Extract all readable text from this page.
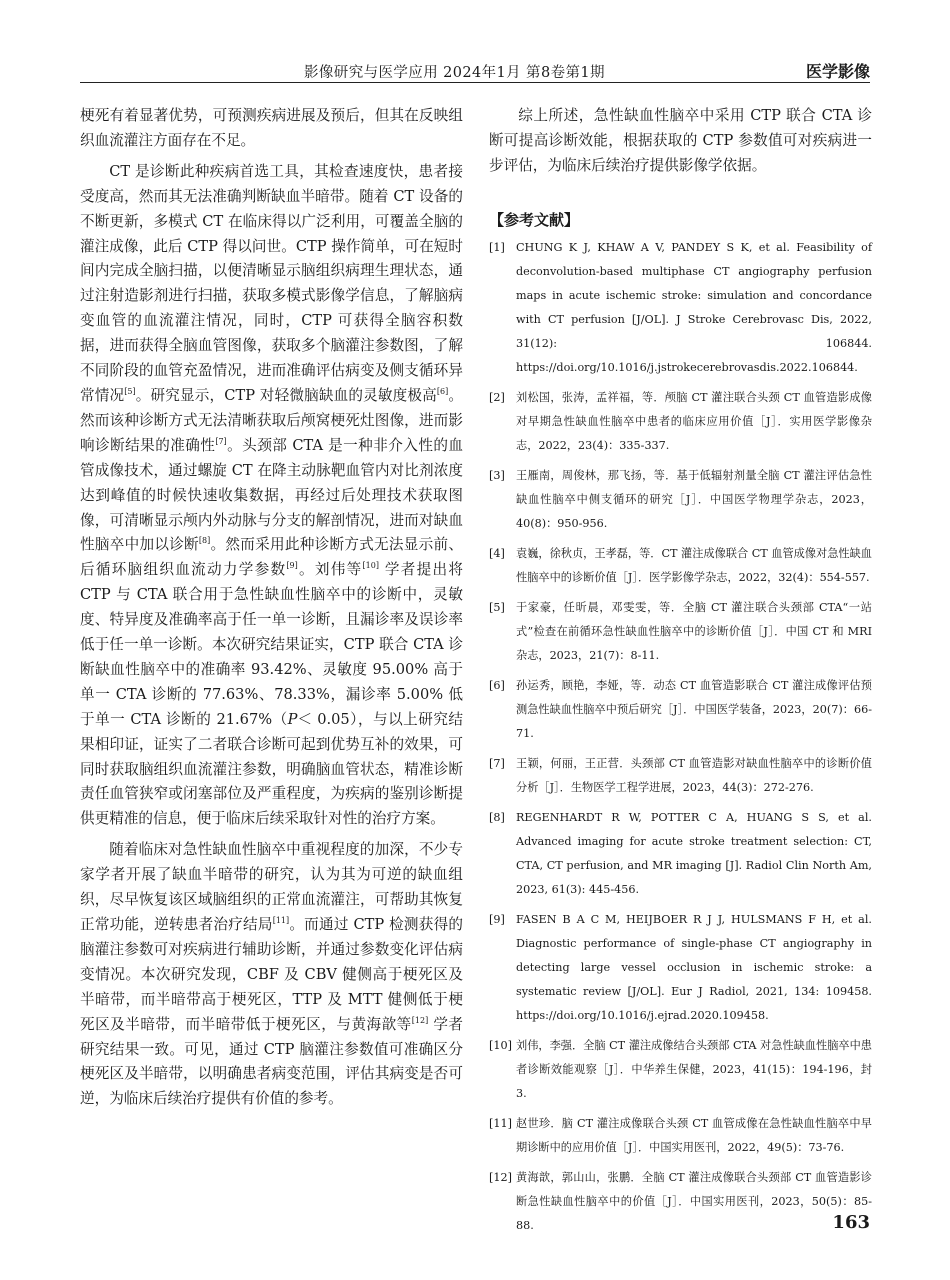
影像研究与医学应用 2024年1月 第8卷第1期	医学影像

梗死有着显著优势，可预测疾病进展及预后，但其在反映组织血流灌注方面存在不足。

CT 是诊断此种疾病首选工具，其检查速度快，患者接受度高，然而其无法准确判断缺血半暗带。随着 CT 设备的不断更新，多模式 CT 在临床得以广泛利用，可覆盖全脑的灌注成像，此后 CTP 得以问世。CTP 操作简单，可在短时间内完成全脑扫描，以便清晰显示脑组织病理生理状态，通过注射造影剂进行扫描，获取多模式影像学信息，了解脑病变血管的血流灌注情况，同时，CTP 可获得全脑容积数据，进而获得全脑血管图像，获取多个脑灌注参数图，了解不同阶段的血管充盈情况，进而准确评估病变及侧支循环异常情况[5]。研究显示，CTP 对轻微脑缺血的灵敏度极高[6]。然而该种诊断方式无法清晰获取后颅窝梗死灶图像，进而影响诊断结果的准确性[7]。头颈部 CTA 是一种非介入性的血管成像技术，通过螺旋 CT 在降主动脉靶血管内对比剂浓度达到峰值的时候快速收集数据，再经过后处理技术获取图像，可清晰显示颅内外动脉与分支的解剖情况，进而对缺血性脑卒中加以诊断[8]。然而采用此种诊断方式无法显示前、后循环脑组织血流动力学参数[9]。刘伟等[10] 学者提出将 CTP 与 CTA 联合用于急性缺血性脑卒中的诊断中，灵敏度、特异度及准确率高于任一单一诊断，且漏诊率及误诊率低于任一单一诊断。本次研究结果证实，CTP 联合 CTA 诊断缺血性脑卒中的准确率 93.42%、灵敏度 95.00% 高于单一 CTA 诊断的 77.63%、78.33%，漏诊率 5.00% 低于单一 CTA 诊断的 21.67%（P＜ 0.05），与以上研究结果相印证，证实了二者联合诊断可起到优势互补的效果，可同时获取脑组织血流灌注参数，明确脑血管状态，精准诊断责任血管狭窄或闭塞部位及严重程度，为疾病的鉴别诊断提供更精准的信息，便于临床后续采取针对性的治疗方案。

随着临床对急性缺血性脑卒中重视程度的加深，不少专家学者开展了缺血半暗带的研究，认为其为可逆的缺血组织，尽早恢复该区域脑组织的正常血流灌注，可帮助其恢复正常功能，逆转患者治疗结局[11]。而通过 CTP 检测获得的脑灌注参数可对疾病进行辅助诊断，并通过参数变化评估病变情况。本次研究发现，CBF 及 CBV 健侧高于梗死区及半暗带，而半暗带高于梗死区，TTP 及 MTT 健侧低于梗死区及半暗带，而半暗带低于梗死区，与黄海歆等[12] 学者研究结果一致。可见，通过 CTP 脑灌注参数值可准确区分梗死区及半暗带，以明确患者病变范围，评估其病变是否可逆，为临床后续治疗提供有价值的参考。

综上所述，急性缺血性脑卒中采用 CTP 联合 CTA 诊断可提高诊断效能，根据获取的 CTP 参数值可对疾病进一步评估，为临床后续治疗提供影像学依据。

【参考文献】
[1] CHUNG K J, KHAW A V, PANDEY S K, et al. Feasibility of deconvolution-based multiphase CT angiography perfusion maps in acute ischemic stroke: simulation and concordance with CT perfusion [J/OL]. J Stroke Cerebrovasc Dis, 2022, 31(12): 106844. https://doi.org/10.1016/j.jstrokecerebrovasdis.2022.106844.
[2] 刘松国，张涛，孟祥福，等．颅脑 CT 灌注联合头颈 CT 血管造影成像对早期急性缺血性脑卒中患者的临床应用价值［J］．实用医学影像杂志，2022，23(4)：335-337.
[3] 王雁南，周俊林，那飞扬，等．基于低辐射剂量全脑 CT 灌注评估急性缺血性脑卒中侧支循环的研究［J］．中国医学物理学杂志，2023，40(8)：950-956.
[4] 袁巍，徐秋贞，王孝磊，等．CT 灌注成像联合 CT 血管成像对急性缺血性脑卒中的诊断价值［J］．医学影像学杂志，2022，32(4)：554-557.
[5] 于家豪，任昕晨，邓雯雯，等．全脑 CT 灌注联合头颈部 CTA“一站式”检查在前循环急性缺血性脑卒中的诊断价值［J］．中国 CT 和 MRI 杂志，2023，21(7)：8-11.
[6] 孙运秀，顾艳，李娅，等．动态 CT 血管造影联合 CT 灌注成像评估预测急性缺血性脑卒中预后研究［J］．中国医学装备，2023，20(7)：66-71.
[7] 王颖，何丽，王正营．头颈部 CT 血管造影对缺血性脑卒中的诊断价值分析［J］．生物医学工程学进展，2023，44(3)：272-276.
[8] REGENHARDT R W, POTTER C A, HUANG S S, et al. Advanced imaging for acute stroke treatment selection: CT, CTA, CT perfusion, and MR imaging [J]. Radiol Clin North Am, 2023, 61(3): 445-456.
[9] FASEN B A C M, HEIJBOER R J J, HULSMANS F H, et al. Diagnostic performance of single-phase CT angiography in detecting large vessel occlusion in ischemic stroke: a systematic review [J/OL]. Eur J Radiol, 2021, 134: 109458. https://doi.org/10.1016/j.ejrad.2020.109458.
[10] 刘伟，李强．全脑 CT 灌注成像结合头颈部 CTA 对急性缺血性脑卒中患者诊断效能观察［J］．中华养生保健，2023，41(15)：194-196，封 3.
[11] 赵世珍．脑 CT 灌注成像联合头颈 CT 血管成像在急性缺血性脑卒中早期诊断中的应用价值［J］．中国实用医刊，2022，49(5)：73-76.
[12] 黄海歆，郭山山，张鹏．全脑 CT 灌注成像联合头颈部 CT 血管造影诊断急性缺血性脑卒中的价值［J］．中国实用医刊，2023，50(5)：85-88.	163
